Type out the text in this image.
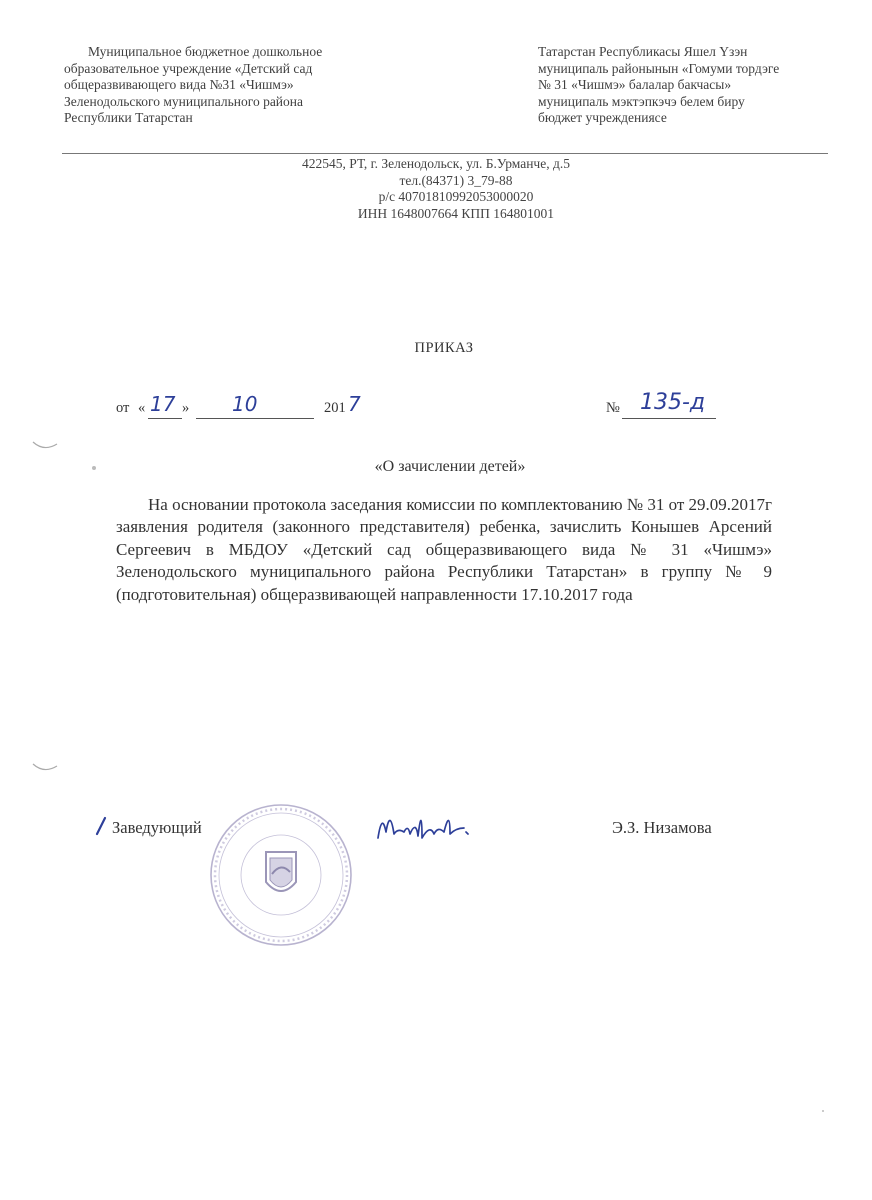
Муниципальное бюджетное дошкольное
образовательное учреждение «Детский сад
общеразвивающего вида №31 «Чишмэ»
Зеленодольского муниципального района
Республики Татарстан
Татарстан Республикасы Яшел Үзэн
муниципаль районынын «Гомуми тордэге
№ 31 «Чишмэ» балалар бакчасы»
муниципаль мэктэпкэчэ белем биру
бюджет учреждениясе
422545, РТ, г. Зеленодольск, ул. Б.Урманче, д.5
тел.(84371) 3_79-88
р/с 40701810992053000020
ИНН 1648007664 КПП 164801001
ПРИКАЗ
от « 17 » 10	201 7	№ 135-д
«О зачислении детей»
На основании протокола заседания комиссии по комплектованию № 31 от 29.09.2017г заявления родителя (законного представителя) ребенка, зачислить Конышев Арсений Сергеевич в МБДОУ «Детский сад общеразвивающего вида № 31 «Чишмэ» Зеленодольского муниципального района Республики Татарстан» в группу № 9 (подготовительная) общеразвивающей направленности 17.10.2017 года
Заведующий	Э.З. Низамова
